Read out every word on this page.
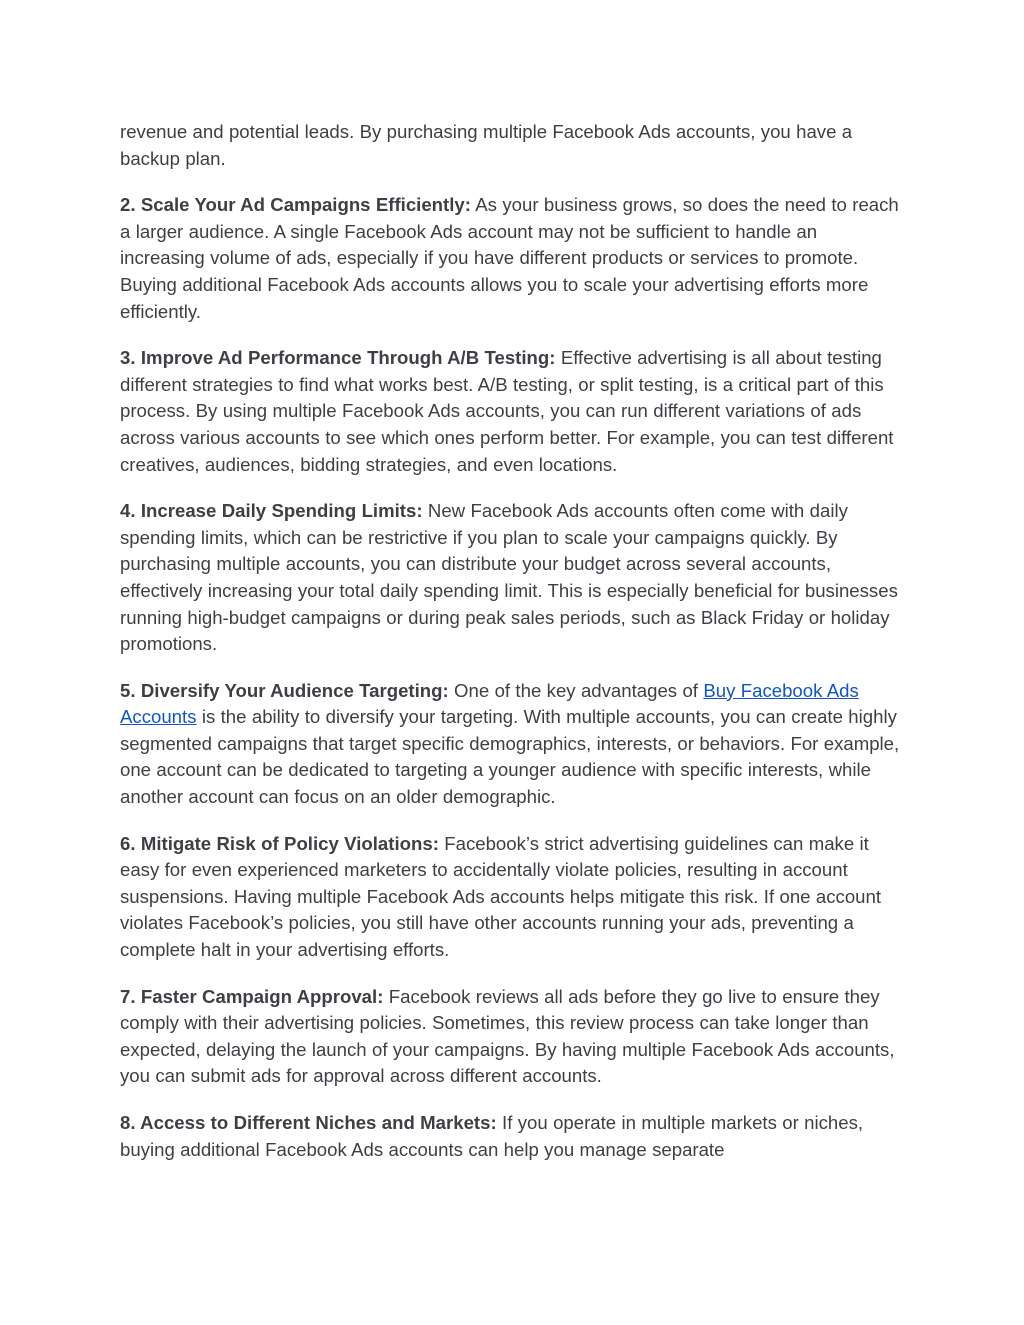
revenue and potential leads. By purchasing multiple Facebook Ads accounts, you have a backup plan.

2. Scale Your Ad Campaigns Efficiently: As your business grows, so does the need to reach a larger audience. A single Facebook Ads account may not be sufficient to handle an increasing volume of ads, especially if you have different products or services to promote. Buying additional Facebook Ads accounts allows you to scale your advertising efforts more efficiently.

3. Improve Ad Performance Through A/B Testing: Effective advertising is all about testing different strategies to find what works best. A/B testing, or split testing, is a critical part of this process. By using multiple Facebook Ads accounts, you can run different variations of ads across various accounts to see which ones perform better. For example, you can test different creatives, audiences, bidding strategies, and even locations.

4. Increase Daily Spending Limits: New Facebook Ads accounts often come with daily spending limits, which can be restrictive if you plan to scale your campaigns quickly. By purchasing multiple accounts, you can distribute your budget across several accounts, effectively increasing your total daily spending limit. This is especially beneficial for businesses running high-budget campaigns or during peak sales periods, such as Black Friday or holiday promotions.

5. Diversify Your Audience Targeting: One of the key advantages of Buy Facebook Ads Accounts is the ability to diversify your targeting. With multiple accounts, you can create highly segmented campaigns that target specific demographics, interests, or behaviors. For example, one account can be dedicated to targeting a younger audience with specific interests, while another account can focus on an older demographic.

6. Mitigate Risk of Policy Violations: Facebook’s strict advertising guidelines can make it easy for even experienced marketers to accidentally violate policies, resulting in account suspensions. Having multiple Facebook Ads accounts helps mitigate this risk. If one account violates Facebook’s policies, you still have other accounts running your ads, preventing a complete halt in your advertising efforts.

7. Faster Campaign Approval: Facebook reviews all ads before they go live to ensure they comply with their advertising policies. Sometimes, this review process can take longer than expected, delaying the launch of your campaigns. By having multiple Facebook Ads accounts, you can submit ads for approval across different accounts.

8. Access to Different Niches and Markets: If you operate in multiple markets or niches, buying additional Facebook Ads accounts can help you manage separate
